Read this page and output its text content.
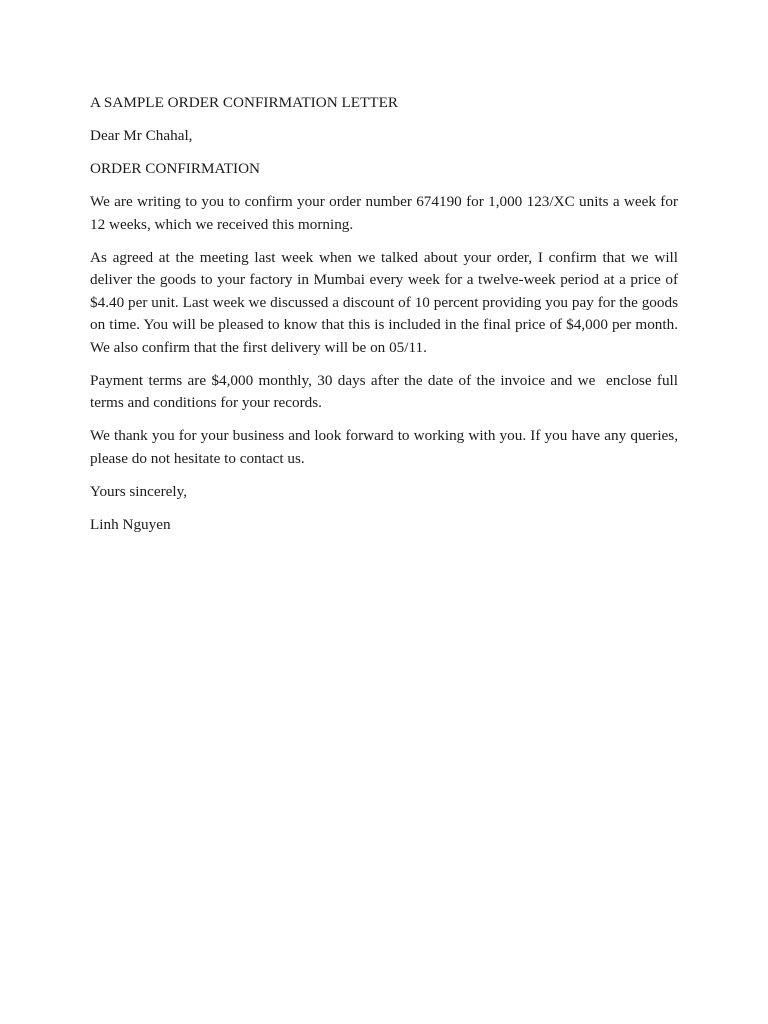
A SAMPLE ORDER CONFIRMATION LETTER

Dear Mr Chahal,

ORDER CONFIRMATION

We are writing to you to confirm your order number 674190 for 1,000 123/XC units a week for 12 weeks, which we received this morning.

As agreed at the meeting last week when we talked about your order, I confirm that we will deliver the goods to your factory in Mumbai every week for a twelve-week period at a price of $4.40 per unit. Last week we discussed a discount of 10 percent providing you pay for the goods on time. You will be pleased to know that this is included in the final price of $4,000 per month. We also confirm that the first delivery will be on 05/11.

Payment terms are $4,000 monthly, 30 days after the date of the invoice and we  enclose full terms and conditions for your records.

We thank you for your business and look forward to working with you. If you have any queries, please do not hesitate to contact us.

Yours sincerely,

Linh Nguyen
